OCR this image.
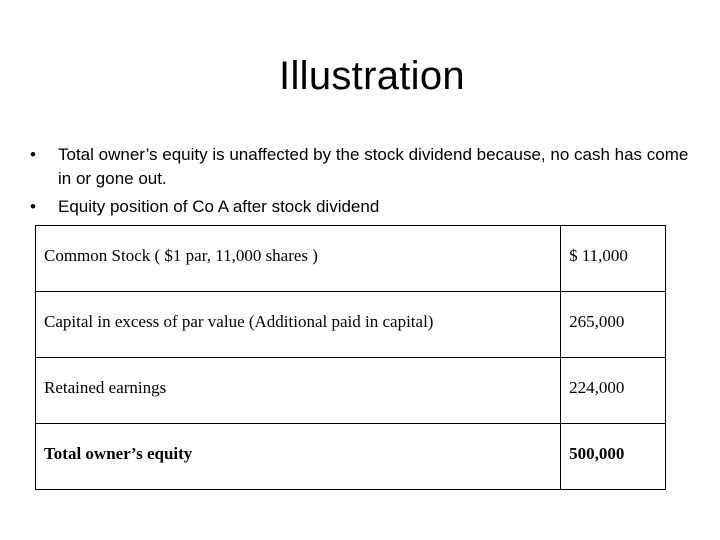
Illustration
• Total owner’s equity is unaffected by the stock dividend because, no cash has come in or gone out.
• Equity position of Co A after stock dividend
Common Stock ( $1 par, 11,000 shares )	$ 11,000
Capital in excess of par value (Additional paid in capital)	265,000
Retained earnings	224,000
Total owner’s equity	500,000
